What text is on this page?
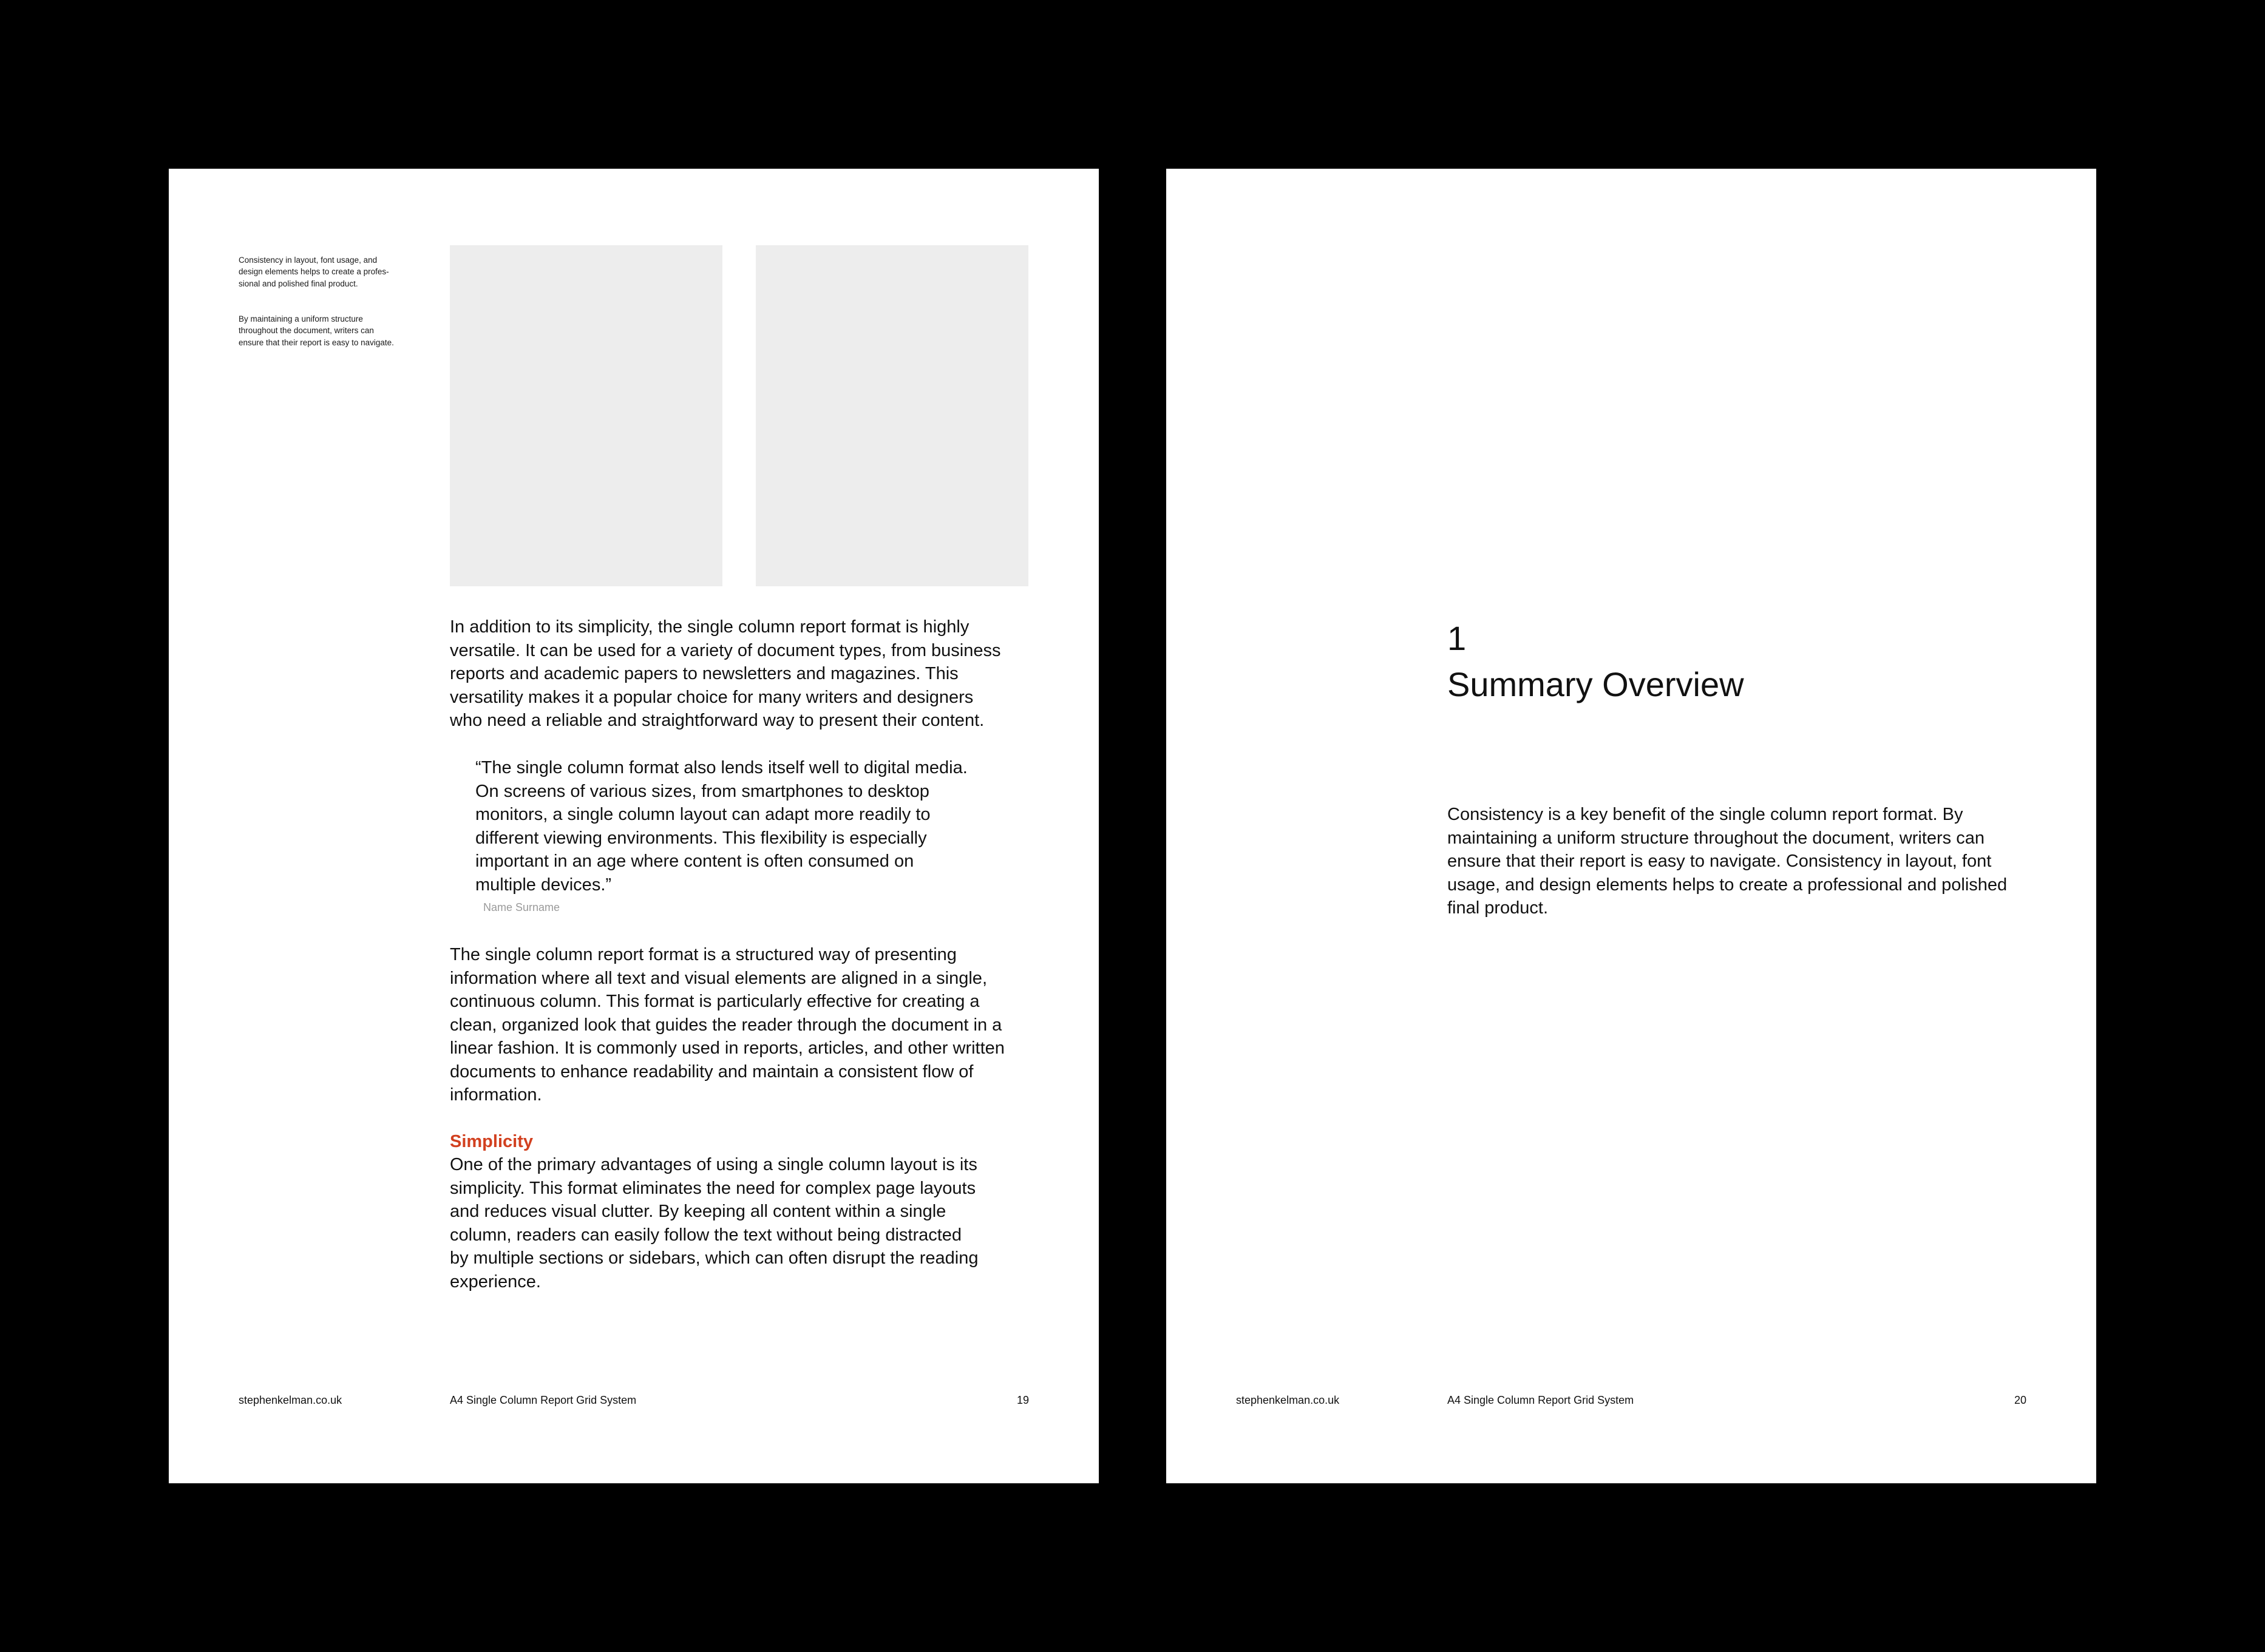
Consistency in layout, font usage, and
design elements helps to create a profes-
sional and polished final product.

By maintaining a uniform structure
throughout the document, writers can
ensure that their report is easy to navigate.

In addition to its simplicity, the single column report format is highly
versatile. It can be used for a variety of document types, from business
reports and academic papers to newsletters and magazines. This
versatility makes it a popular choice for many writers and designers
who need a reliable and straightforward way to present their content.

“The single column format also lends itself well to digital media.
On screens of various sizes, from smartphones to desktop
monitors, a single column layout can adapt more readily to
different viewing environments. This flexibility is especially
important in an age where content is often consumed on
multiple devices.”

Name Surname

The single column report format is a structured way of presenting
information where all text and visual elements are aligned in a single,
continuous column. This format is particularly effective for creating a
clean, organized look that guides the reader through the document in a
linear fashion. It is commonly used in reports, articles, and other written
documents to enhance readability and maintain a consistent flow of
information.

Simplicity

One of the primary advantages of using a single column layout is its
simplicity. This format eliminates the need for complex page layouts
and reduces visual clutter. By keeping all content within a single
column, readers can easily follow the text without being distracted
by multiple sections or sidebars, which can often disrupt the reading
experience.

stephenkelman.co.uk	A4 Single Column Report Grid System	19
1
Summary Overview

Consistency is a key benefit of the single column report format. By
maintaining a uniform structure throughout the document, writers can
ensure that their report is easy to navigate. Consistency in layout, font
usage, and design elements helps to create a professional and polished
final product.

stephenkelman.co.uk	A4 Single Column Report Grid System	20
